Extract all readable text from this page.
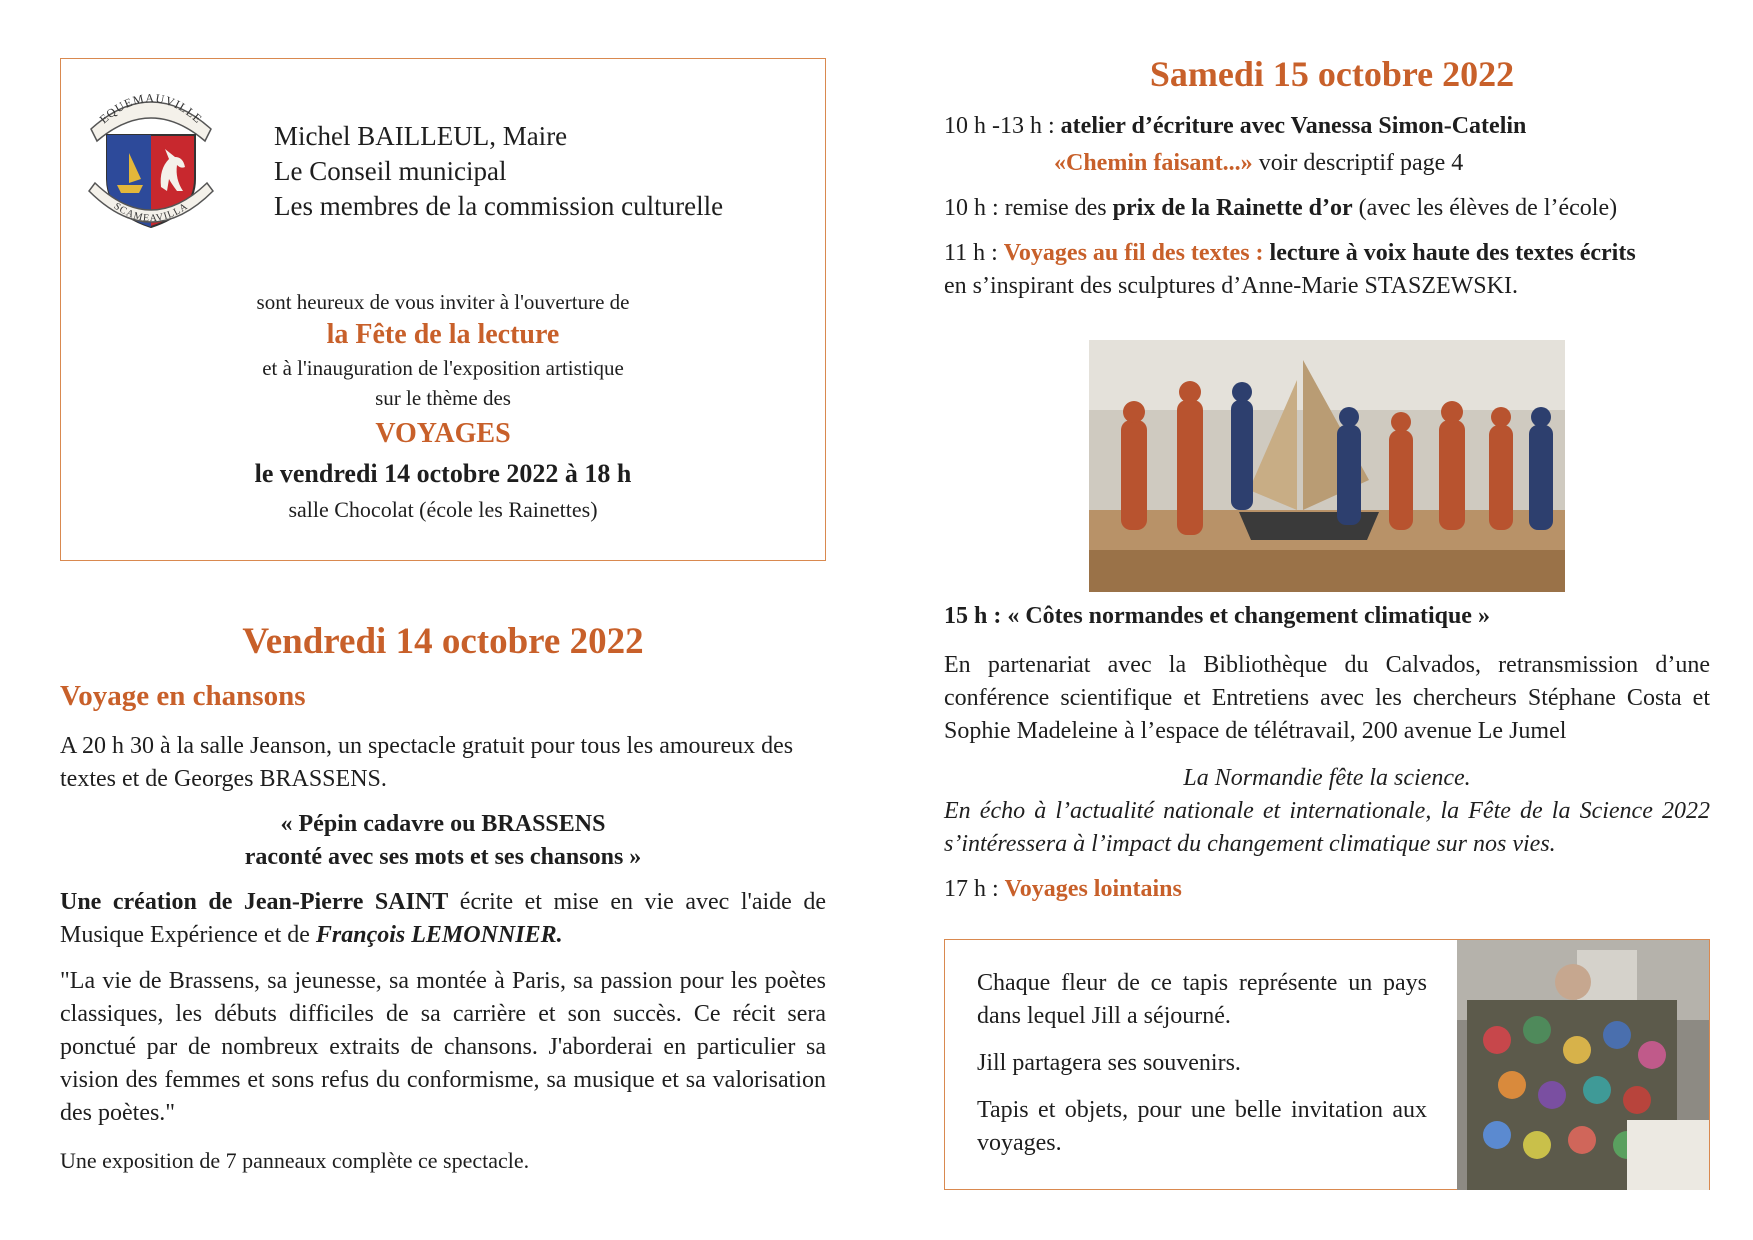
EQUEMAUVILLE
SCAMEAVILLA
Michel BAILLEUL, Maire
Le Conseil municipal
Les membres de la commission culturelle
sont heureux de vous inviter à l'ouverture de
la Fête de la lecture
et à l'inauguration de l'exposition artistique
sur le thème des
VOYAGES
le vendredi 14 octobre 2022 à 18 h
salle Chocolat (école les Rainettes)
Vendredi 14 octobre 2022
Voyage en chansons

A 20 h 30 à la salle Jeanson, un spectacle gratuit pour tous les amoureux des textes et de Georges BRASSENS.

« Pépin cadavre ou BRASSENS
raconté avec ses mots et ses chansons »

Une création de Jean-Pierre SAINT écrite et mise en vie avec l'aide de Musique Expérience et de François LEMONNIER.

"La vie de Brassens, sa jeunesse, sa montée à Paris, sa passion pour les poètes classiques, les débuts difficiles de sa carrière et son succès. Ce récit sera ponctué par de nombreux extraits de chansons. J'aborderai en particulier sa vision des femmes et sons refus du conformisme, sa musique et sa valorisation des poètes."

Une exposition de 7 panneaux complète ce spectacle.

Samedi 15 octobre 2022
10 h -13 h : atelier d’écriture avec Vanessa Simon-Catelin
«Chemin faisant...» voir descriptif page 4
10 h : remise des prix de la Rainette d’or (avec les élèves de l’école)
11 h : Voyages au fil des textes : lecture à voix haute des textes écrits
en s’inspirant des sculptures d’Anne-Marie STASZEWSKI.
15 h : « Côtes normandes et changement climatique »

En partenariat avec la Bibliothèque du Calvados, retransmission d’une conférence scientifique et Entretiens avec les chercheurs Stéphane Costa et Sophie Madeleine à l’espace de télétravail, 200 avenue Le Jumel

La Normandie fête la science.

En écho à l’actualité nationale et internationale, la Fête de la Science 2022 s’intéressera à l’impact du changement climatique sur nos vies.

17 h : Voyages lointains

Chaque fleur de ce tapis représente un pays dans lequel Jill a séjourné.

Jill partagera ses souvenirs.

Tapis et objets, pour une belle invitation aux voyages.
